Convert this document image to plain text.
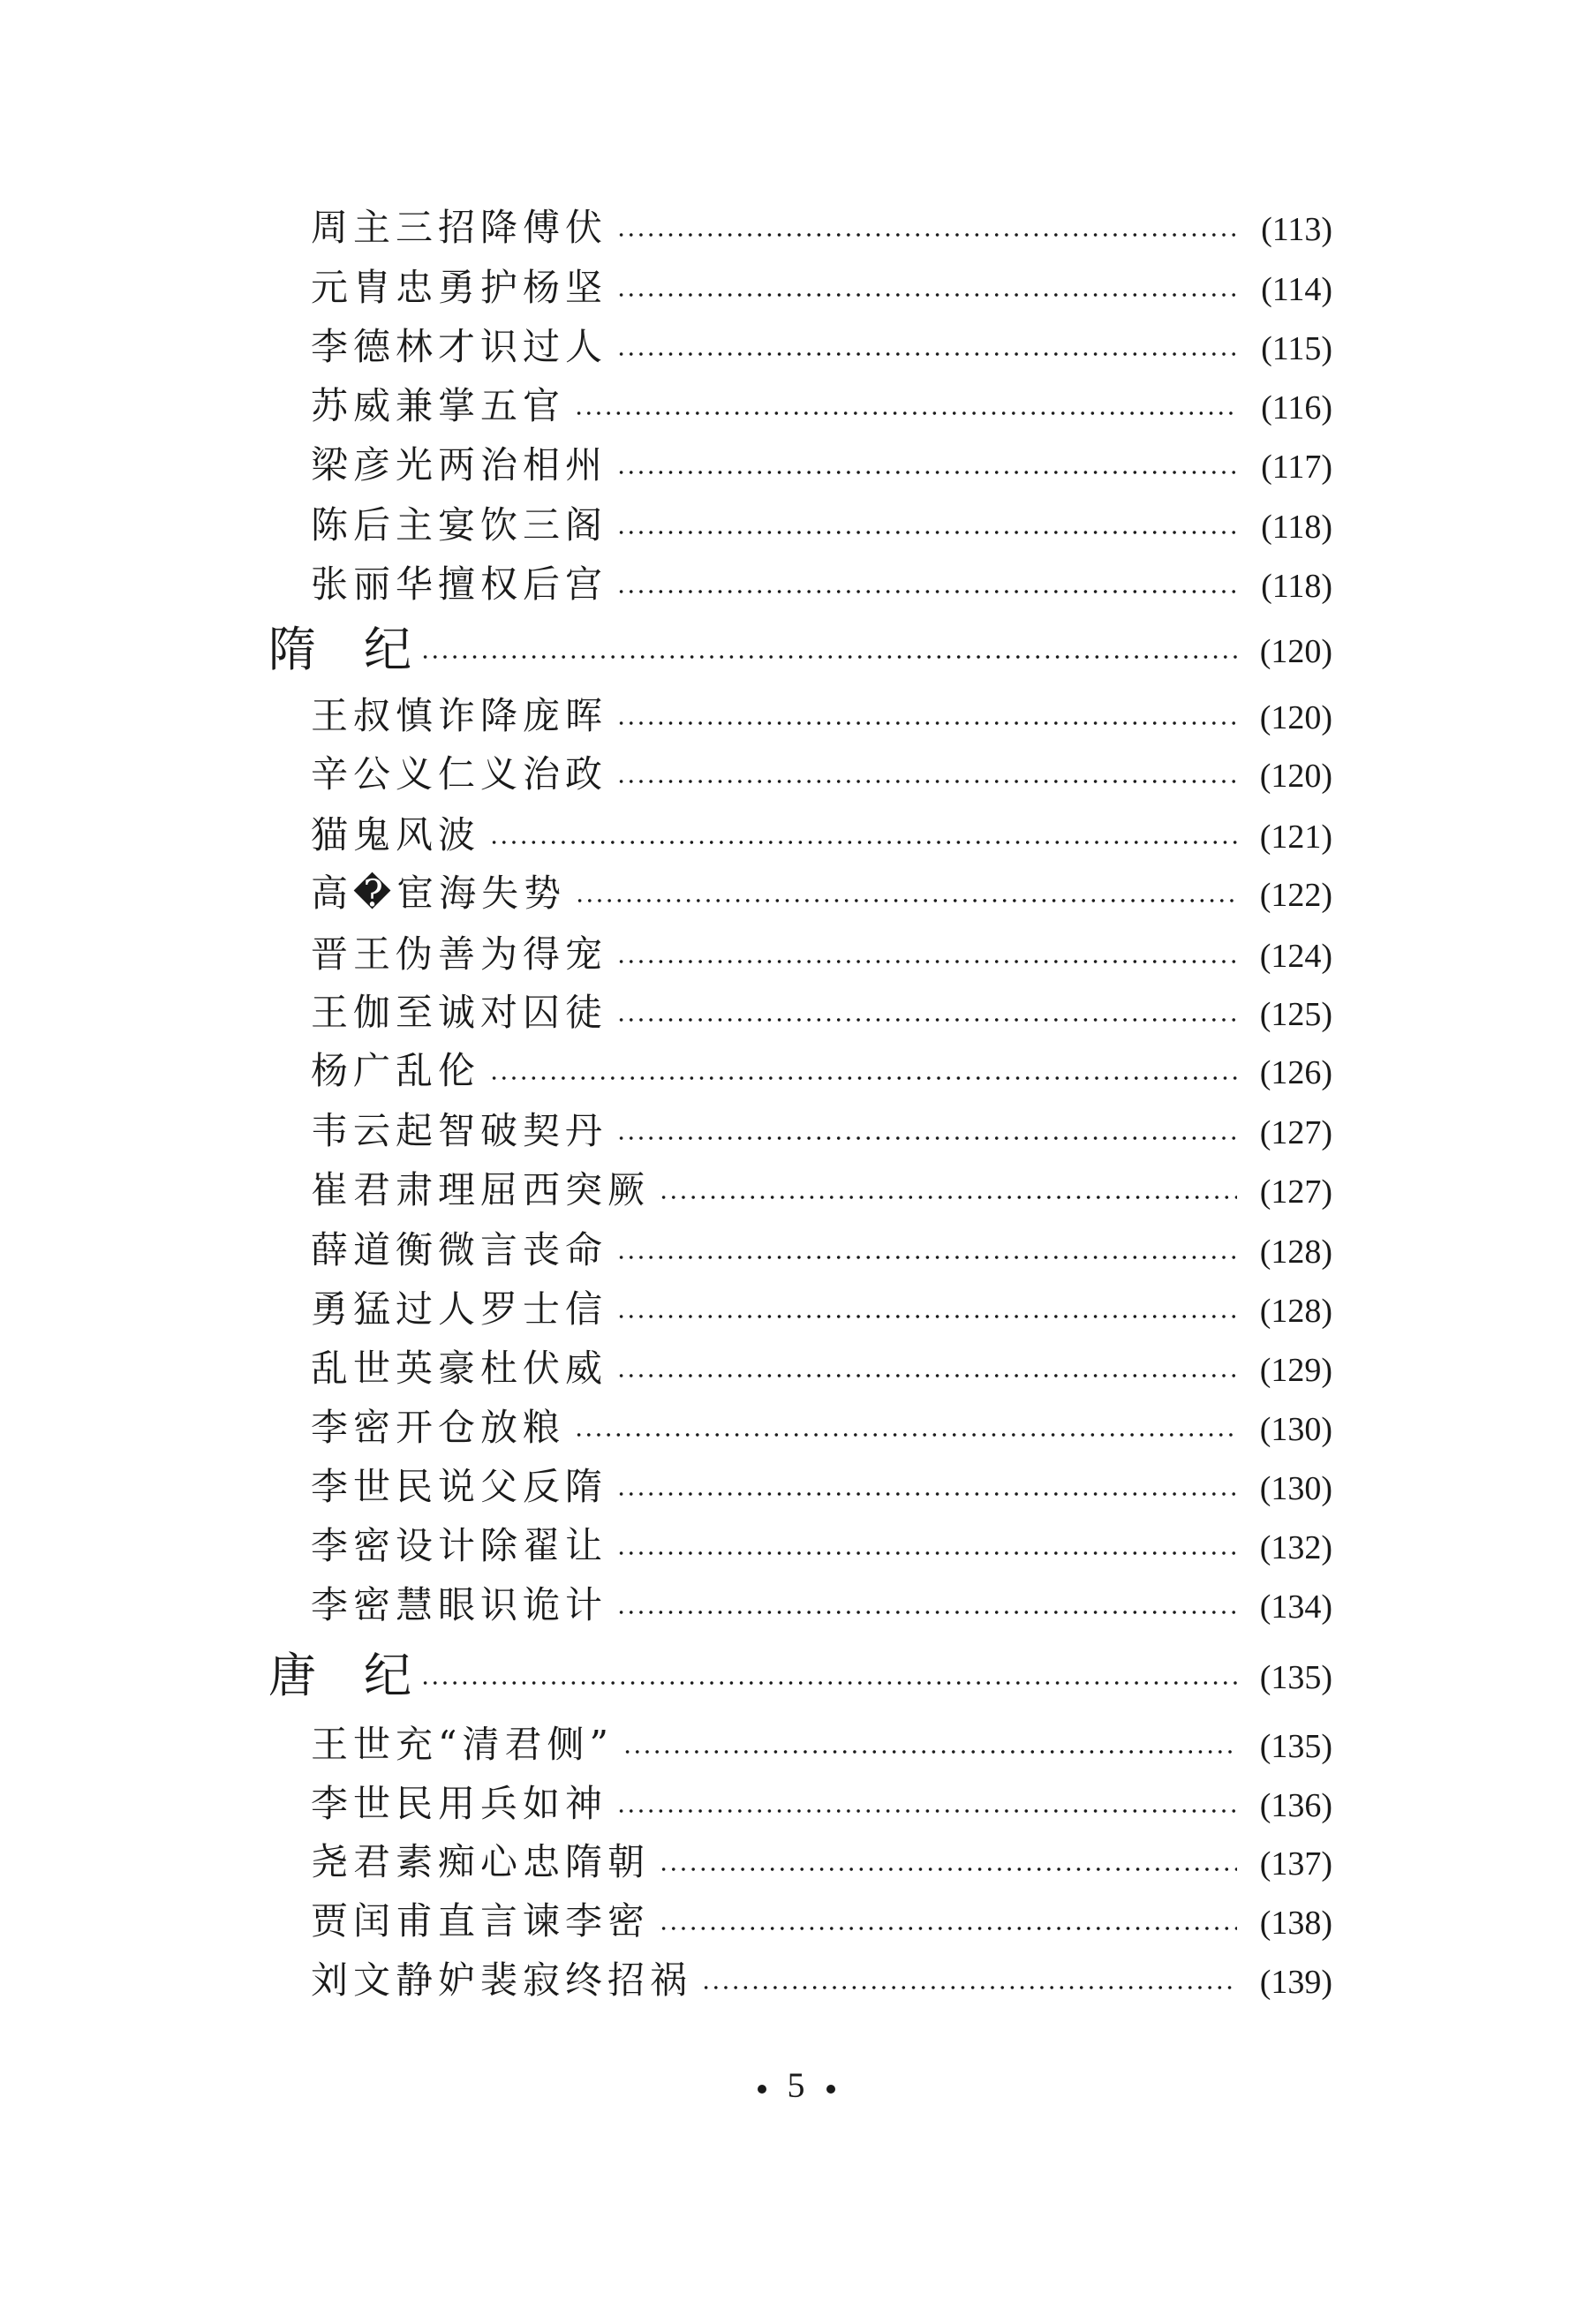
周主三招降傅伏	(113)
元胄忠勇护杨坚	(114)
李德林才识过人	(115)
苏威兼掌五官	(116)
梁彦光两治相州	(117)
陈后主宴饮三阁	(118)
张丽华擅权后宫	(118)
隋　纪	(120)
王叔慎诈降庞晖	(120)
辛公义仁义治政	(120)
猫鬼风波	(121)
高�宦海失势	(122)
晋王伪善为得宠	(124)
王伽至诚对囚徒	(125)
杨广乱伦	(126)
韦云起智破契丹	(127)
崔君肃理屈西突厥	(127)
薛道衡微言丧命	(128)
勇猛过人罗士信	(128)
乱世英豪杜伏威	(129)
李密开仓放粮	(130)
李世民说父反隋	(130)
李密设计除翟让	(132)
李密慧眼识诡计	(134)
唐　纪	(135)
王世充“清君侧”	(135)
李世民用兵如神	(136)
尧君素痴心忠隋朝	(137)
贾闰甫直言谏李密	(138)
刘文静妒裴寂终招祸	(139)
5
